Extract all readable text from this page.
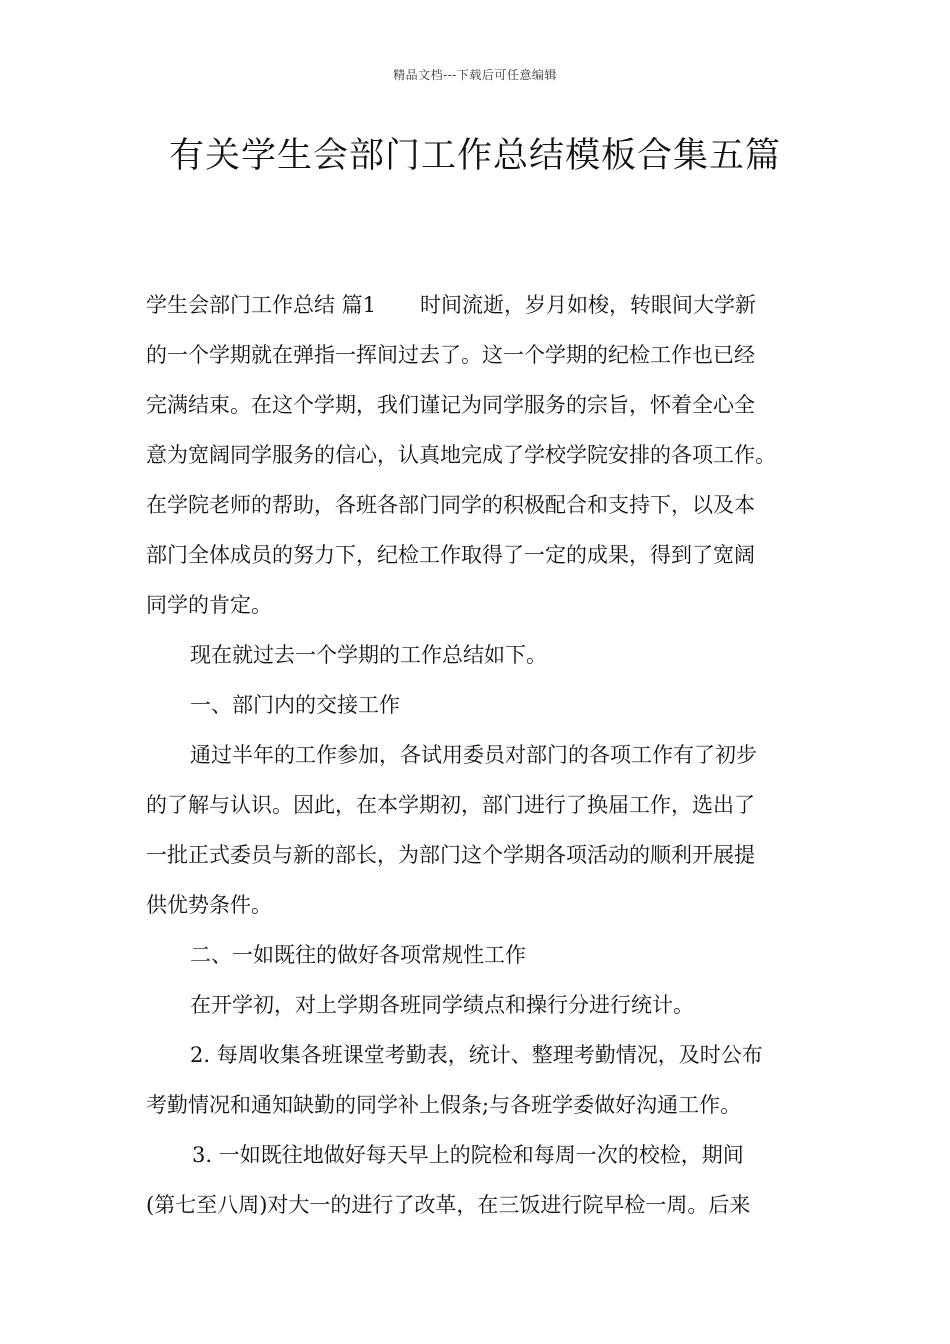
精品文档---下载后可任意编辑
有关学生会部门工作总结模板合集五篇
学生会部门工作总结 篇1 时间流逝，岁月如梭，转眼间大学新
的一个学期就在弹指一挥间过去了。这一个学期的纪检工作也已经
完满结束。在这个学期，我们谨记为同学服务的宗旨，怀着全心全
意为宽阔同学服务的信心，认真地完成了学校学院安排的各项工作。
在学院老师的帮助，各班各部门同学的积极配合和支持下，以及本
部门全体成员的努力下，纪检工作取得了一定的成果，得到了宽阔
同学的肯定。
现在就过去一个学期的工作总结如下。
一、部门内的交接工作
通过半年的工作参加，各试用委员对部门的各项工作有了初步
的了解与认识。因此，在本学期初，部门进行了换届工作，选出了
一批正式委员与新的部长，为部门这个学期各项活动的顺利开展提
供优势条件。
二、一如既往的做好各项常规性工作
在开学初，对上学期各班同学绩点和操行分进行统计。
2. 每周收集各班课堂考勤表，统计、整理考勤情况，及时公布
考勤情况和通知缺勤的同学补上假条;与各班学委做好沟通工作。
3. 一如既往地做好每天早上的院检和每周一次的校检，期间
(第七至八周)对大一的进行了改革，在三饭进行院早检一周。后来
